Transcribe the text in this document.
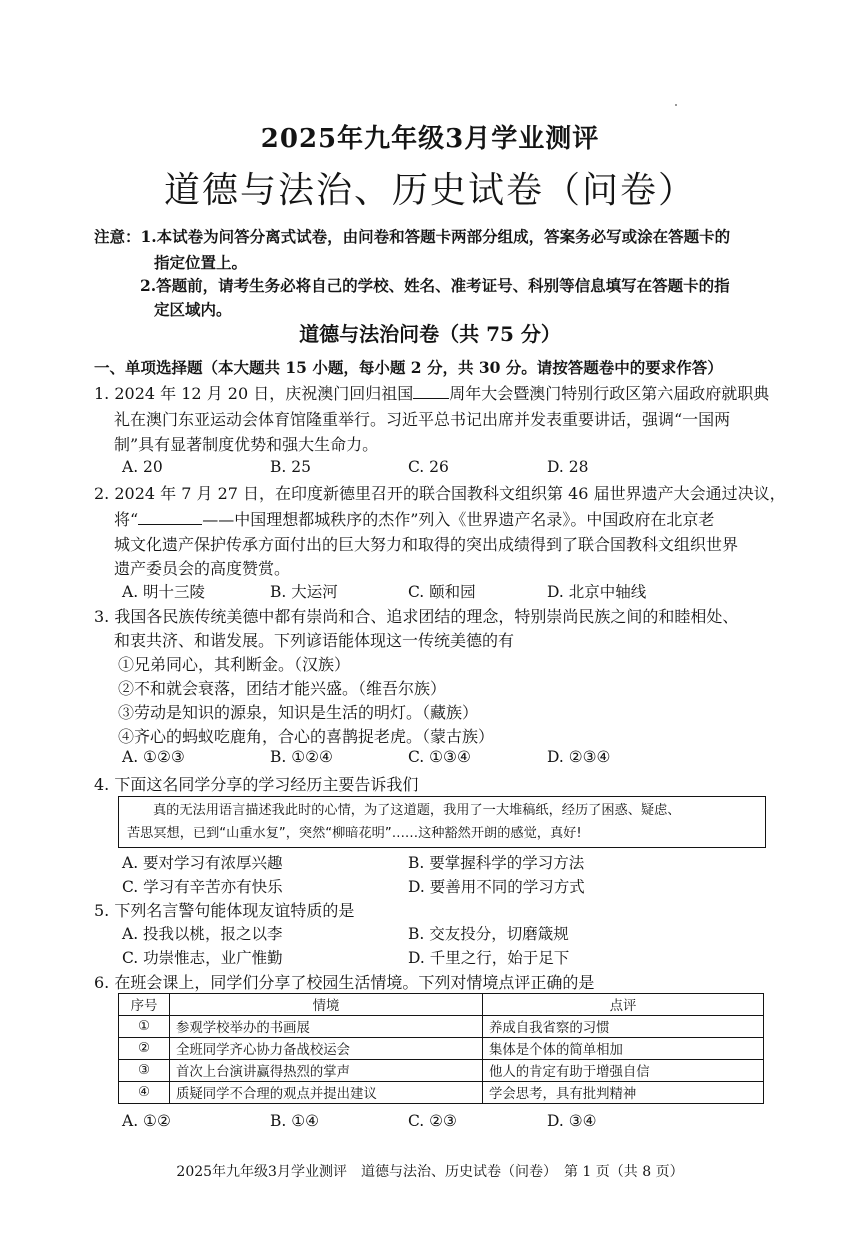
2025年九年级3月学业测评
道德与法治、历史试卷（问卷）
注意：1.本试卷为问答分离式试卷，由问卷和答题卡两部分组成，答案务必写或涂在答题卡的
指定位置上。
2.答题前，请考生务必将自己的学校、姓名、准考证号、科别等信息填写在答题卡的指
定区域内。
道德与法治问卷（共 75 分）
一、单项选择题（本大题共 15 小题，每小题 2 分，共 30 分。请按答题卷中的要求作答）
1. 2024 年 12 月 20 日，庆祝澳门回归祖国 周年大会暨澳门特别行政区第六届政府就职典
礼在澳门东亚运动会体育馆隆重举行。习近平总书记出席并发表重要讲话，强调“一国两
制”具有显著制度优势和强大生命力。
A. 20	B. 25	C. 26	D. 28
2. 2024 年 7 月 27 日，在印度新德里召开的联合国教科文组织第 46 届世界遗产大会通过决议，
将“	——中国理想都城秩序的杰作”列入《世界遗产名录》。中国政府在北京老
城文化遗产保护传承方面付出的巨大努力和取得的突出成绩得到了联合国教科文组织世界
遗产委员会的高度赞赏。
A. 明十三陵	B. 大运河	C. 颐和园	D. 北京中轴线
3. 我国各民族传统美德中都有崇尚和合、追求团结的理念，特别崇尚民族之间的和睦相处、
和衷共济、和谐发展。下列谚语能体现这一传统美德的有
①兄弟同心，其利断金。（汉族）
②不和就会衰落，团结才能兴盛。（维吾尔族）
③劳动是知识的源泉，知识是生活的明灯。（藏族）
④齐心的蚂蚁吃鹿角，合心的喜鹊捉老虎。（蒙古族）
A. ①②③	B. ①②④	C. ①③④	D. ②③④
4. 下面这名同学分享的学习经历主要告诉我们
真的无法用语言描述我此时的心情，为了这道题，我用了一大堆稿纸，经历了困惑、疑虑、
苦思冥想，已到“山重水复”，突然“柳暗花明”……这种豁然开朗的感觉，真好!
A. 要对学习有浓厚兴趣	B. 要掌握科学的学习方法
C. 学习有辛苦亦有快乐	D. 要善用不同的学习方式
5. 下列名言警句能体现友谊特质的是
A. 投我以桃，报之以李	B. 交友投分，切磨箴规
C. 功崇惟志，业广惟勤	D. 千里之行，始于足下
6. 在班会课上，同学们分享了校园生活情境。下列对情境点评正确的是
序号	情境	点评
①	参观学校举办的书画展	养成自我省察的习惯
②	全班同学齐心协力备战校运会	集体是个体的简单相加
③	首次上台演讲赢得热烈的掌声	他人的肯定有助于增强自信
④	质疑同学不合理的观点并提出建议	学会思考，具有批判精神
A. ①②	B. ①④	C. ②③	D. ③④
2025年九年级3月学业测评　道德与法治、历史试卷（问卷）　第 1 页（共 8 页）
